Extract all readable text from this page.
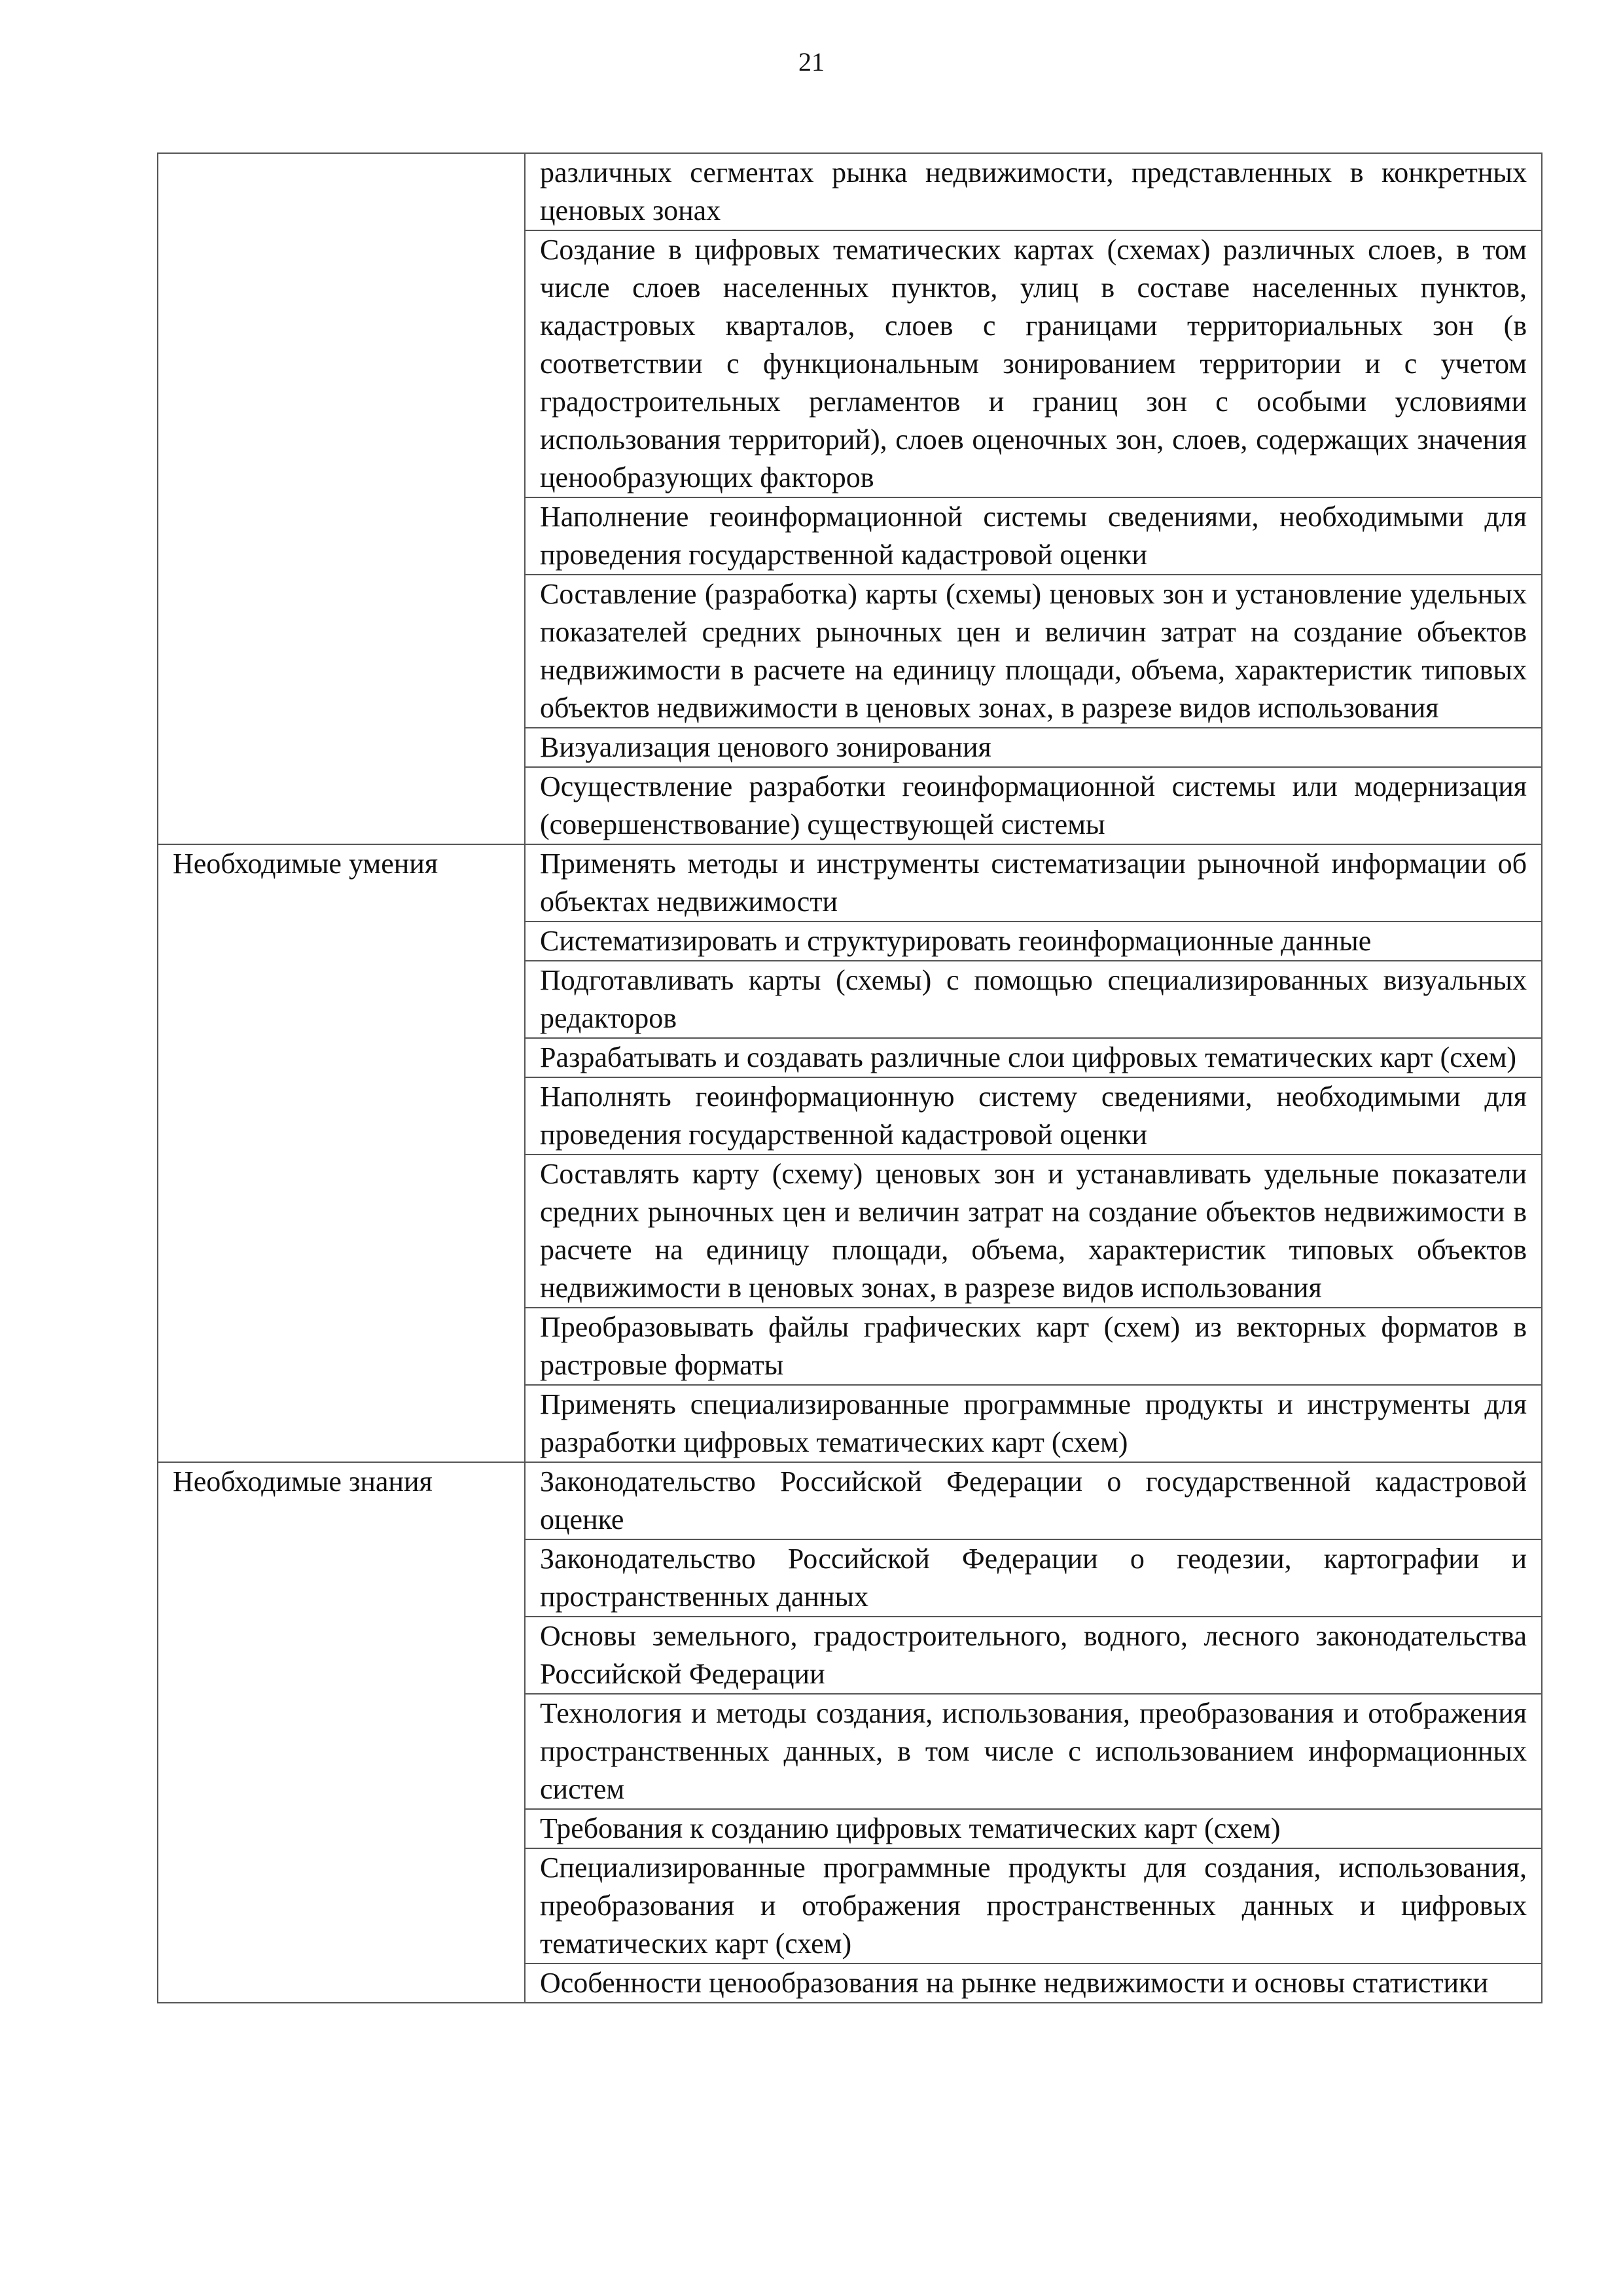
21
	различных сегментах рынка недвижимости, представленных в конкретных ценовых зонах
	Создание в цифровых тематических картах (схемах) различных слоев, в том числе слоев населенных пунктов, улиц в составе населенных пунктов, кадастровых кварталов, слоев с границами территориальных зон (в соответствии с функциональным зонированием территории и с учетом градостроительных регламентов и границ зон с особыми условиями использования территорий), слоев оценочных зон, слоев, содержащих значения ценообразующих факторов
	Наполнение геоинформационной системы сведениями, необходимыми для проведения государственной кадастровой оценки
	Составление (разработка) карты (схемы) ценовых зон и установление удельных показателей средних рыночных цен и величин затрат на создание объектов недвижимости в расчете на единицу площади, объема, характеристик типовых объектов недвижимости в ценовых зонах, в разрезе видов использования
	Визуализация ценового зонирования
	Осуществление разработки геоинформационной системы или модернизация (совершенствование) существующей системы
Необходимые умения	Применять методы и инструменты систематизации рыночной информации об объектах недвижимости
	Систематизировать и структурировать геоинформационные данные
	Подготавливать карты (схемы) с помощью специализированных визуальных редакторов
	Разрабатывать и создавать различные слои цифровых тематических карт (схем)
	Наполнять геоинформационную систему сведениями, необходимыми для проведения государственной кадастровой оценки
	Составлять карту (схему) ценовых зон и устанавливать удельные показатели средних рыночных цен и величин затрат на создание объектов недвижимости в расчете на единицу площади, объема, характеристик типовых объектов недвижимости в ценовых зонах, в разрезе видов использования
	Преобразовывать файлы графических карт (схем) из векторных форматов в растровые форматы
	Применять специализированные программные продукты и инструменты для разработки цифровых тематических карт (схем)
Необходимые знания	Законодательство Российской Федерации о государственной кадастровой оценке
	Законодательство Российской Федерации о геодезии, картографии и пространственных данных
	Основы земельного, градостроительного, водного, лесного законодательства Российской Федерации
	Технология и методы создания, использования, преобразования и отображения пространственных данных, в том числе с использованием информационных систем
	Требования к созданию цифровых тематических карт (схем)
	Специализированные программные продукты для создания, использования, преобразования и отображения пространственных данных и цифровых тематических карт (схем)
	Особенности ценообразования на рынке недвижимости и основы статистики
